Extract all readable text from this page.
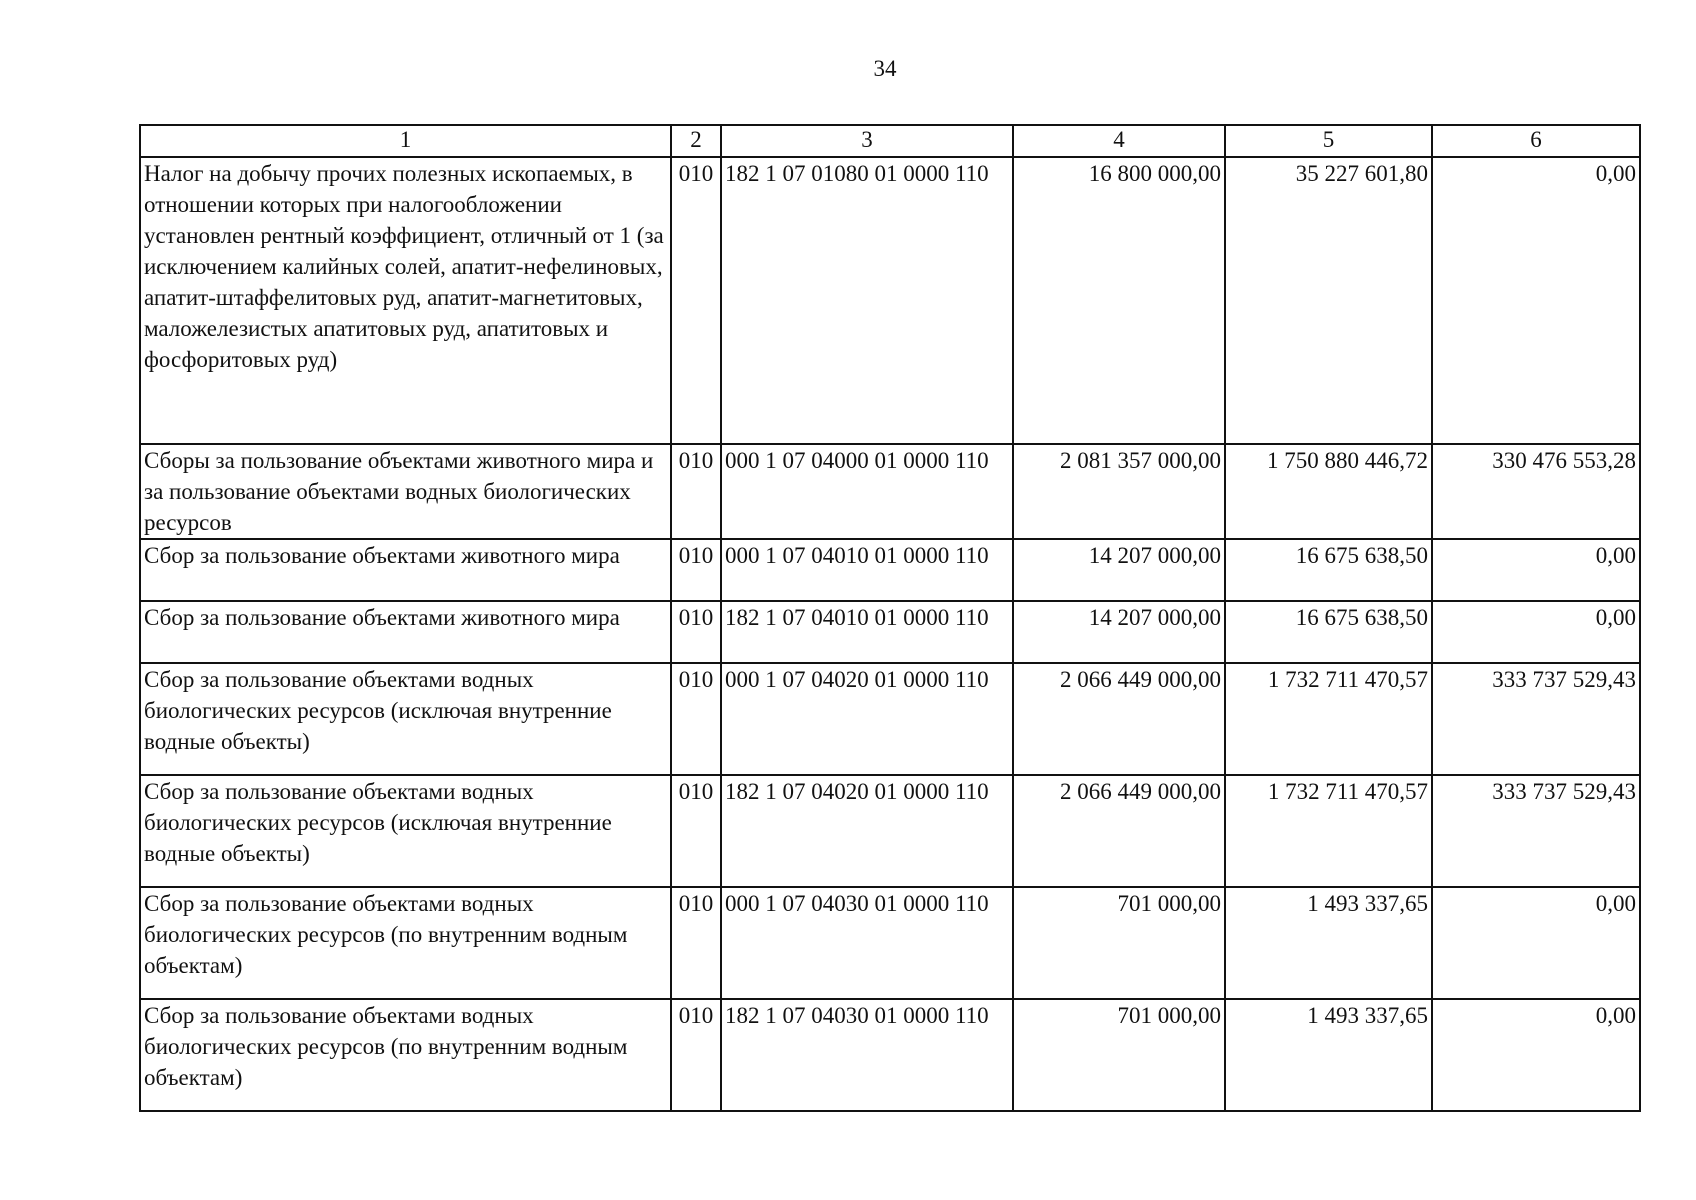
34
1	2	3	4	5	6
Налог на добычу прочих полезных ископаемых, в отношении которых при налогообложении установлен рентный коэффициент, отличный от 1 (за исключением калийных солей, апатит-нефелиновых, апатит-штаффелитовых руд, апатит-магнетитовых, маложелезистых апатитовых руд, апатитовых и фосфоритовых руд)	010	182 1 07 01080 01 0000 110	16 800 000,00	35 227 601,80	0,00
Сборы за пользование объектами животного мира и за пользование объектами водных биологических ресурсов	010	000 1 07 04000 01 0000 110	2 081 357 000,00	1 750 880 446,72	330 476 553,28
Сбор за пользование объектами животного мира	010	000 1 07 04010 01 0000 110	14 207 000,00	16 675 638,50	0,00
Сбор за пользование объектами животного мира	010	182 1 07 04010 01 0000 110	14 207 000,00	16 675 638,50	0,00
Сбор за пользование объектами водных биологических ресурсов (исключая внутренние водные объекты)	010	000 1 07 04020 01 0000 110	2 066 449 000,00	1 732 711 470,57	333 737 529,43
Сбор за пользование объектами водных биологических ресурсов (исключая внутренние водные объекты)	010	182 1 07 04020 01 0000 110	2 066 449 000,00	1 732 711 470,57	333 737 529,43
Сбор за пользование объектами водных биологических ресурсов (по внутренним водным объектам)	010	000 1 07 04030 01 0000 110	701 000,00	1 493 337,65	0,00
Сбор за пользование объектами водных биологических ресурсов (по внутренним водным объектам)	010	182 1 07 04030 01 0000 110	701 000,00	1 493 337,65	0,00
